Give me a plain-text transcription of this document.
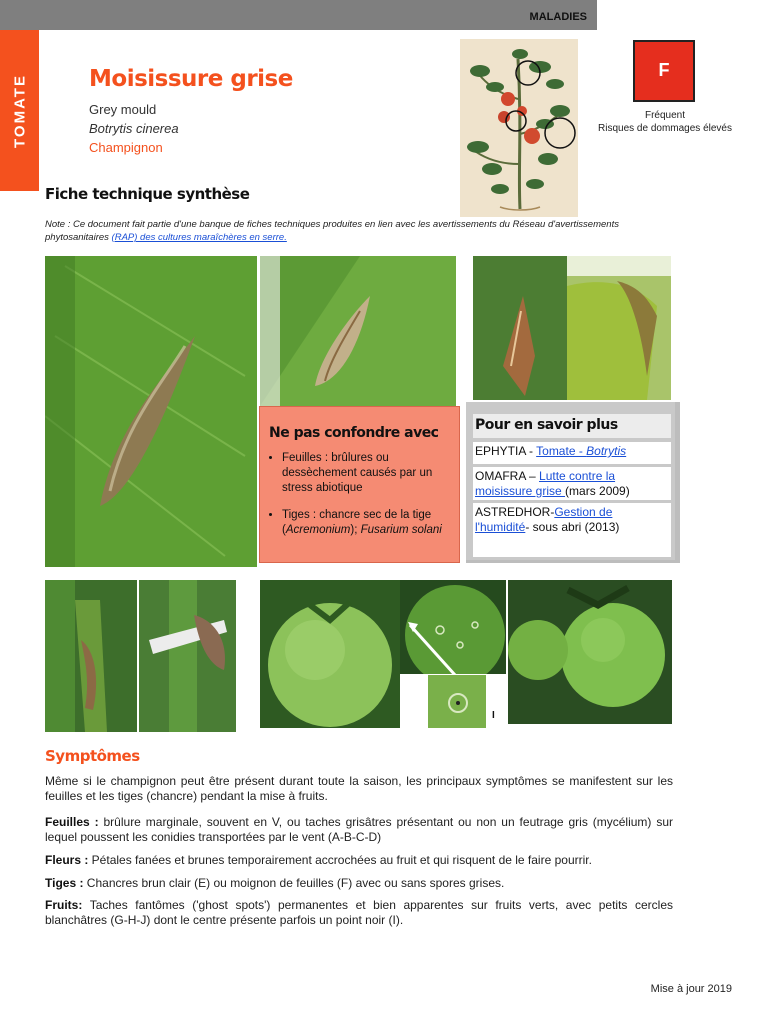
MALADIES
TOMATE	Moisissure grise
Grey mould
Botrytis cinerea
Champignon
F
Fréquent
Risques de dommages élevés
Fiche technique synthèse
Note : Ce document fait partie d'une banque de fiches techniques produites en lien avec les avertissements du Réseau d'avertissements phytosanitaires (RAP) des cultures maraîchères en serre.
Ne pas confondre avec
• Feuilles : brûlures ou dessèchement causés par un stress abiotique
• Tiges : chancre sec de la tige (Acremonium); Fusarium solani
Pour en savoir plus
EPHYTIA - Tomate - Botrytis
OMAFRA – Lutte contre la moisissure grise (mars 2009)
ASTREDHOR-Gestion de l'humidité- sous abri (2013)
I
Symptômes
Même si le champignon peut être présent durant toute la saison, les principaux symptômes se manifestent sur les feuilles et les tiges (chancre) pendant la mise à fruits.
Feuilles : brûlure marginale, souvent en V, ou taches grisâtres présentant ou non un feutrage gris (mycélium) sur lequel poussent les conidies transportées par le vent (A-B-C-D)
Fleurs : Pétales fanées et brunes temporairement accrochées au fruit et qui risquent de le faire pourrir.
Tiges : Chancres brun clair (E) ou moignon de feuilles (F) avec ou sans spores grises.
Fruits: Taches fantômes ('ghost spots') permanentes et bien apparentes sur fruits verts, avec petits cercles blanchâtres (G-H-J) dont le centre présente parfois un point noir (I).
Mise à jour 2019
